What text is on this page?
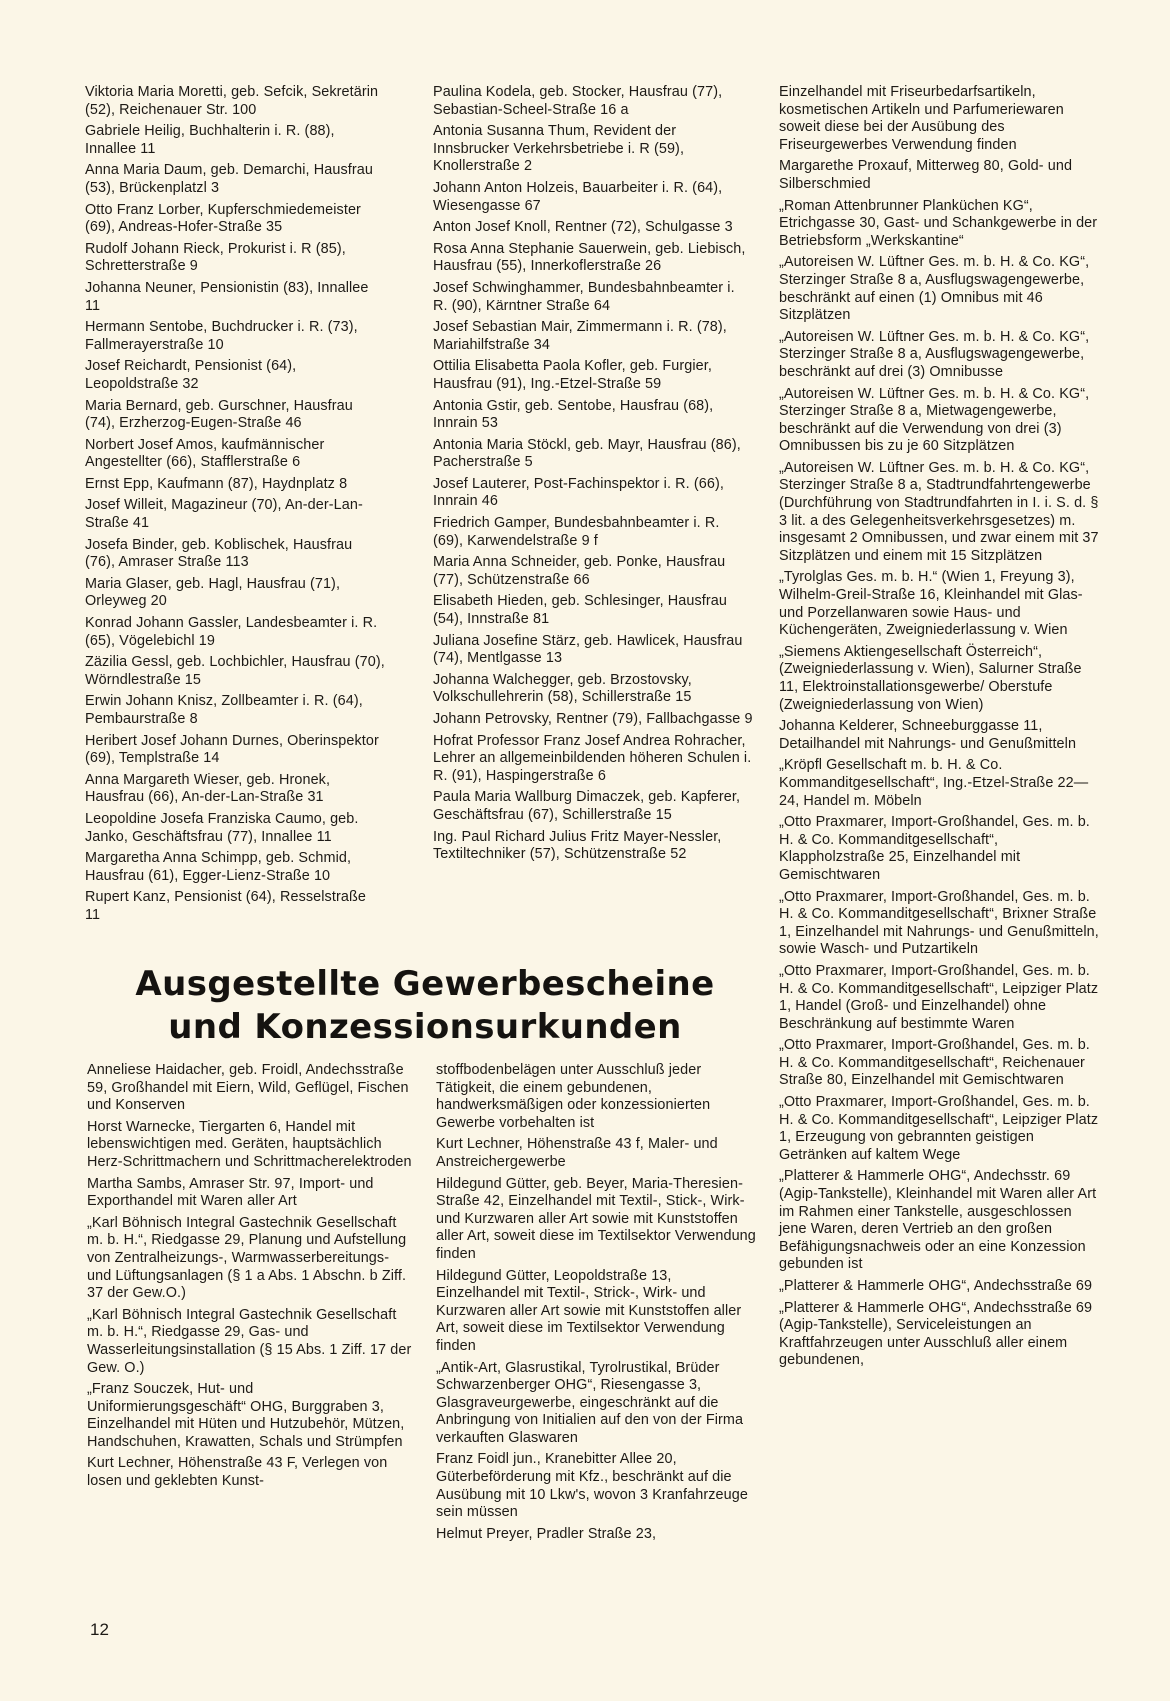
Viktoria Maria Moretti, geb. Sefcik, Sekretärin (52), Reichenauer Str. 100

Gabriele Heilig, Buchhalterin i. R. (88), Innallee 11

Anna Maria Daum, geb. Demarchi, Hausfrau (53), Brückenplatzl 3

Otto Franz Lorber, Kupferschmiedemeister (69), Andreas-Hofer-Straße 35

Rudolf Johann Rieck, Prokurist i. R (85), Schretterstraße 9

Johanna Neuner, Pensionistin (83), Innallee 11

Hermann Sentobe, Buchdrucker i. R. (73), Fallmerayerstraße 10

Josef Reichardt, Pensionist (64), Leopoldstraße 32

Maria Bernard, geb. Gurschner, Hausfrau (74), Erzherzog-Eugen-Straße 46

Norbert Josef Amos, kaufmännischer Angestellter (66), Stafflerstraße 6

Ernst Epp, Kaufmann (87), Haydnplatz 8

Josef Willeit, Magazineur (70), An-der-Lan-Straße 41

Josefa Binder, geb. Koblischek, Hausfrau (76), Amraser Straße 113

Maria Glaser, geb. Hagl, Hausfrau (71), Orleyweg 20

Konrad Johann Gassler, Landesbeamter i. R. (65), Vögelebichl 19

Zäzilia Gessl, geb. Lochbichler, Hausfrau (70), Wörndlestraße 15

Erwin Johann Knisz, Zollbeamter i. R. (64), Pembaurstraße 8

Heribert Josef Johann Durnes, Oberinspektor (69), Templstraße 14

Anna Margareth Wieser, geb. Hronek, Hausfrau (66), An-der-Lan-Straße 31

Leopoldine Josefa Franziska Caumo, geb. Janko, Geschäftsfrau (77), Innallee 11

Margaretha Anna Schimpp, geb. Schmid, Hausfrau (61), Egger-Lienz-Straße 10

Rupert Kanz, Pensionist (64), Resselstraße 11

Paulina Kodela, geb. Stocker, Hausfrau (77), Sebastian-Scheel-Straße 16 a

Antonia Susanna Thum, Revident der Innsbrucker Verkehrsbetriebe i. R (59), Knollerstraße 2

Johann Anton Holzeis, Bauarbeiter i. R. (64), Wiesengasse 67

Anton Josef Knoll, Rentner (72), Schulgasse 3

Rosa Anna Stephanie Sauerwein, geb. Liebisch, Hausfrau (55), Innerkoflerstraße 26

Josef Schwinghammer, Bundesbahnbeamter i. R. (90), Kärntner Straße 64

Josef Sebastian Mair, Zimmermann i. R. (78), Mariahilfstraße 34

Ottilia Elisabetta Paola Kofler, geb. Furgier, Hausfrau (91), Ing.-Etzel-Straße 59

Antonia Gstir, geb. Sentobe, Hausfrau (68), Innrain 53

Antonia Maria Stöckl, geb. Mayr, Hausfrau (86), Pacherstraße 5

Josef Lauterer, Post-Fachinspektor i. R. (66), Innrain 46

Friedrich Gamper, Bundesbahnbeamter i. R. (69), Karwendelstraße 9 f

Maria Anna Schneider, geb. Ponke, Hausfrau (77), Schützenstraße 66

Elisabeth Hieden, geb. Schlesinger, Hausfrau (54), Innstraße 81

Juliana Josefine Stärz, geb. Hawlicek, Hausfrau (74), Mentlgasse 13

Johanna Walchegger, geb. Brzostovsky, Volkschullehrerin (58), Schillerstraße 15

Johann Petrovsky, Rentner (79), Fallbachgasse 9

Hofrat Professor Franz Josef Andrea Rohracher, Lehrer an allgemeinbildenden höheren Schulen i. R. (91), Haspingerstraße 6

Paula Maria Wallburg Dimaczek, geb. Kapferer, Geschäftsfrau (67), Schillerstraße 15

Ing. Paul Richard Julius Fritz Mayer-Nessler, Textiltechniker (57), Schützenstraße 52

Ausgestellte Gewerbescheine
und Konzessionsurkunden

Anneliese Haidacher, geb. Froidl, Andechsstraße 59, Großhandel mit Eiern, Wild, Geflügel, Fischen und Konserven

Horst Warnecke, Tiergarten 6, Handel mit lebenswichtigen med. Geräten, hauptsächlich Herz-Schrittmachern und Schrittmacherelektroden

Martha Sambs, Amraser Str. 97, Import- und Exporthandel mit Waren aller Art

„Karl Böhnisch Integral Gastechnik Gesellschaft m. b. H.“, Riedgasse 29, Planung und Aufstellung von Zentralheizungs-, Warmwasserbereitungs- und Lüftungsanlagen (§ 1 a Abs. 1 Abschn. b Ziff. 37 der Gew.O.)

„Karl Böhnisch Integral Gastechnik Gesellschaft m. b. H.“, Riedgasse 29, Gas- und Wasserleitungsinstallation (§ 15 Abs. 1 Ziff. 17 der Gew. O.)

„Franz Souczek, Hut- und Uniformierungsgeschäft“ OHG, Burggraben 3, Einzelhandel mit Hüten und Hutzubehör, Mützen, Handschuhen, Krawatten, Schals und Strümpfen

Kurt Lechner, Höhenstraße 43 F, Verlegen von losen und geklebten Kunst-

stoffbodenbelägen unter Ausschluß jeder Tätigkeit, die einem gebundenen, handwerksmäßigen oder konzessionierten Gewerbe vorbehalten ist

Kurt Lechner, Höhenstraße 43 f, Maler- und Anstreichergewerbe

Hildegund Gütter, geb. Beyer, Maria-Theresien-Straße 42, Einzelhandel mit Textil-, Stick-, Wirk- und Kurzwaren aller Art sowie mit Kunststoffen aller Art, soweit diese im Textilsektor Verwendung finden

Hildegund Gütter, Leopoldstraße 13, Einzelhandel mit Textil-, Strick-, Wirk- und Kurzwaren aller Art sowie mit Kunststoffen aller Art, soweit diese im Textilsektor Verwendung finden

„Antik-Art, Glasrustikal, Tyrolrustikal, Brüder Schwarzenberger OHG“, Riesengasse 3, Glasgraveurgewerbe, eingeschränkt auf die Anbringung von Initialien auf den von der Firma verkauften Glaswaren

Franz Foidl jun., Kranebitter Allee 20, Güterbeförderung mit Kfz., beschränkt auf die Ausübung mit 10 Lkw's, wovon 3 Kranfahrzeuge sein müssen

Helmut Preyer, Pradler Straße 23,

Einzelhandel mit Friseurbedarfsartikeln, kosmetischen Artikeln und Parfumeriewaren soweit diese bei der Ausübung des Friseurgewerbes Verwendung finden

Margarethe Proxauf, Mitterweg 80, Gold- und Silberschmied

„Roman Attenbrunner Planküchen KG“, Etrichgasse 30, Gast- und Schankgewerbe in der Betriebsform „Werkskantine“

„Autoreisen W. Lüftner Ges. m. b. H. & Co. KG“, Sterzinger Straße 8 a, Ausflugswagengewerbe, beschränkt auf einen (1) Omnibus mit 46 Sitzplätzen

„Autoreisen W. Lüftner Ges. m. b. H. & Co. KG“, Sterzinger Straße 8 a, Ausflugswagengewerbe, beschränkt auf drei (3) Omnibusse

„Autoreisen W. Lüftner Ges. m. b. H. & Co. KG“, Sterzinger Straße 8 a, Mietwagengewerbe, beschränkt auf die Verwendung von drei (3) Omnibussen bis zu je 60 Sitzplätzen

„Autoreisen W. Lüftner Ges. m. b. H. & Co. KG“, Sterzinger Straße 8 a, Stadtrundfahrtengewerbe (Durchführung von Stadtrundfahrten in I. i. S. d. § 3 lit. a des Gelegenheitsverkehrsgesetzes) m. insgesamt 2 Omnibussen, und zwar einem mit 37 Sitzplätzen und einem mit 15 Sitzplätzen

„Tyrolglas Ges. m. b. H.“ (Wien 1, Freyung 3), Wilhelm-Greil-Straße 16, Kleinhandel mit Glas- und Porzellanwaren sowie Haus- und Küchengeräten, Zweigniederlassung v. Wien

„Siemens Aktiengesellschaft Österreich“, (Zweigniederlassung v. Wien), Salurner Straße 11, Elektroinstallationsgewerbe/ Oberstufe (Zweigniederlassung von Wien)

Johanna Kelderer, Schneeburggasse 11, Detailhandel mit Nahrungs- und Genußmitteln

„Kröpfl Gesellschaft m. b. H. & Co. Kommanditgesellschaft“, Ing.-Etzel-Straße 22—24, Handel m. Möbeln

„Otto Praxmarer, Import-Großhandel, Ges. m. b. H. & Co. Kommanditgesellschaft“, Klappholzstraße 25, Einzelhandel mit Gemischtwaren

„Otto Praxmarer, Import-Großhandel, Ges. m. b. H. & Co. Kommanditgesellschaft“, Brixner Straße 1, Einzelhandel mit Nahrungs- und Genußmitteln, sowie Wasch- und Putzartikeln

„Otto Praxmarer, Import-Großhandel, Ges. m. b. H. & Co. Kommanditgesellschaft“, Leipziger Platz 1, Handel (Groß- und Einzelhandel) ohne Beschränkung auf bestimmte Waren

„Otto Praxmarer, Import-Großhandel, Ges. m. b. H. & Co. Kommanditgesellschaft“, Reichenauer Straße 80, Einzelhandel mit Gemischtwaren

„Otto Praxmarer, Import-Großhandel, Ges. m. b. H. & Co. Kommanditgesellschaft“, Leipziger Platz 1, Erzeugung von gebrannten geistigen Getränken auf kaltem Wege

„Platterer & Hammerle OHG“, Andechsstr. 69 (Agip-Tankstelle), Kleinhandel mit Waren aller Art im Rahmen einer Tankstelle, ausgeschlossen jene Waren, deren Vertrieb an den großen Befähigungsnachweis oder an eine Konzession gebunden ist

„Platterer & Hammerle OHG“, Andechsstraße 69

„Platterer & Hammerle OHG“, Andechsstraße 69 (Agip-Tankstelle), Serviceleistungen an Kraftfahrzeugen unter Ausschluß aller einem gebundenen,

12
